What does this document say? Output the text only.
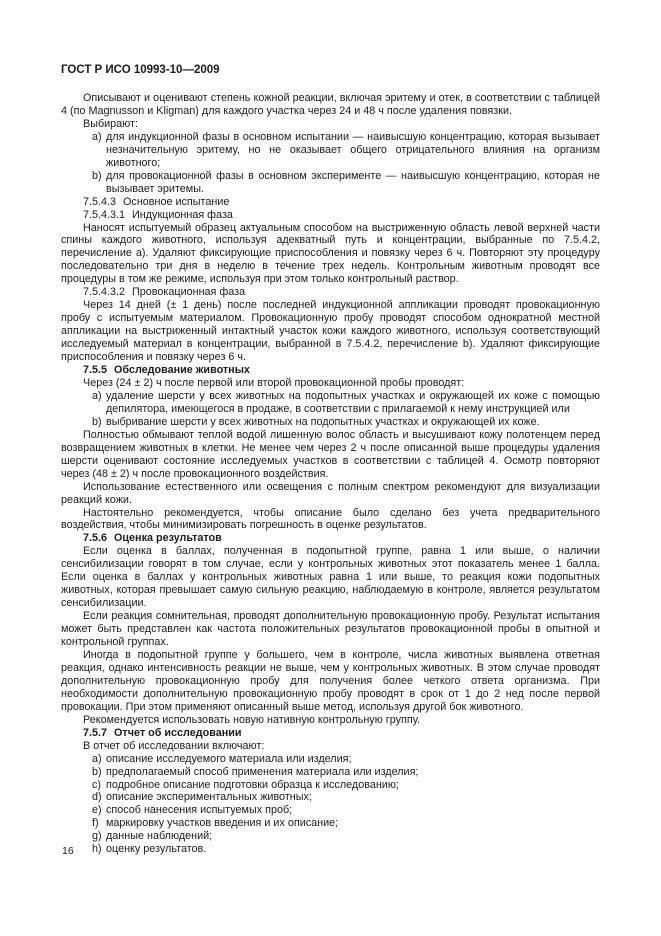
ГОСТ Р ИСО 10993-10—2009

Описывают и оценивают степень кожной реакции, включая эритему и отек, в соответствии с таблицей 4 (по Magnusson и Kligman) для каждого участка через 24 и 48 ч после удаления повязки.

Выбирают:

a) для индукционной фазы в основном испытании — наивысшую концентрацию, которая вызывает незначительную эритему, но не оказывает общего отрицательного влияния на организм животного;
b) для провокационной фазы в основном эксперименте — наивысшую концентрацию, которая не вызывает эритемы.

7.5.4.3 Основное испытание

7.5.4.3.1 Индукционная фаза

Наносят испытуемый образец актуальным способом на выстриженную область левой верхней части спины каждого животного, используя адекватный путь и концентрации, выбранные по 7.5.4.2, перечисление a). Удаляют фиксирующие приспособления и повязку через 6 ч. Повторяют эту процедуру последовательно три дня в неделю в течение трех недель. Контрольным животным проводят все процедуры в том же режиме, используя при этом только контрольный раствор.

7.5.4.3.2 Провокационная фаза

Через 14 дней (± 1 день) после последней индукционной аппликации проводят провокационную пробу с испытуемым материалом. Провокационную пробу проводят способом однократной местной аппликации на выстриженный интактный участок кожи каждого животного, используя соответствующий исследуемый материал в концентрации, выбранной в 7.5.4.2, перечисление b). Удаляют фиксирующие приспособления и повязку через 6 ч.

7.5.5 Обследование животных

Через (24 ± 2) ч после первой или второй провокационной пробы проводят:

a) удаление шерсти у всех животных на подопытных участках и окружающей их коже с помощью депилятора, имеющегося в продаже, в соответствии с прилагаемой к нему инструкцией или
b) выбривание шерсти у всех животных на подопытных участках и окружающей их коже.

Полностью обмывают теплой водой лишенную волос область и высушивают кожу полотенцем перед возвращением животных в клетки. Не менее чем через 2 ч после описанной выше процедуры удаления шерсти оценивают состояние исследуемых участков в соответствии с таблицей 4. Осмотр повторяют через (48 ± 2) ч после провокационного воздействия.

Использование естественного или освещения с полным спектром рекомендуют для визуализации реакций кожи.

Настоятельно рекомендуется, чтобы описание было сделано без учета предварительного воздействия, чтобы минимизировать погрешность в оценке результатов.

7.5.6 Оценка результатов

Если оценка в баллах, полученная в подопытной группе, равна 1 или выше, о наличии сенсибилизации говорят в том случае, если у контрольных животных этот показатель менее 1 балла. Если оценка в баллах у контрольных животных равна 1 или выше, то реакция кожи подопытных животных, которая превышает самую сильную реакцию, наблюдаемую в контроле, является результатом сенсибилизации.

Если реакция сомнительная, проводят дополнительную провокационную пробу. Результат испытания может быть представлен как частота положительных результатов провокационной пробы в опытной и контрольной группах.

Иногда в подопытной группе у большего, чем в контроле, числа животных выявлена ответная реакция, однако интенсивность реакции не выше, чем у контрольных животных. В этом случае проводят дополнительную провокационную пробу для получения более четкого ответа организма. При необходимости дополнительную провокационную пробу проводят в срок от 1 до 2 нед после первой провокации. При этом применяют описанный выше метод, используя другой бок животного.

Рекомендуется использовать новую нативную контрольную группу.

7.5.7 Отчет об исследовании

В отчет об исследовании включают:

a) описание исследуемого материала или изделия;
b) предполагаемый способ применения материала или изделия;
c) подробное описание подготовки образца к исследованию;
d) описание экспериментальных животных;
e) способ нанесения испытуемых проб;
f) маркировку участков введения и их описание;
g) данные наблюдений;
h) оценку результатов.
16
